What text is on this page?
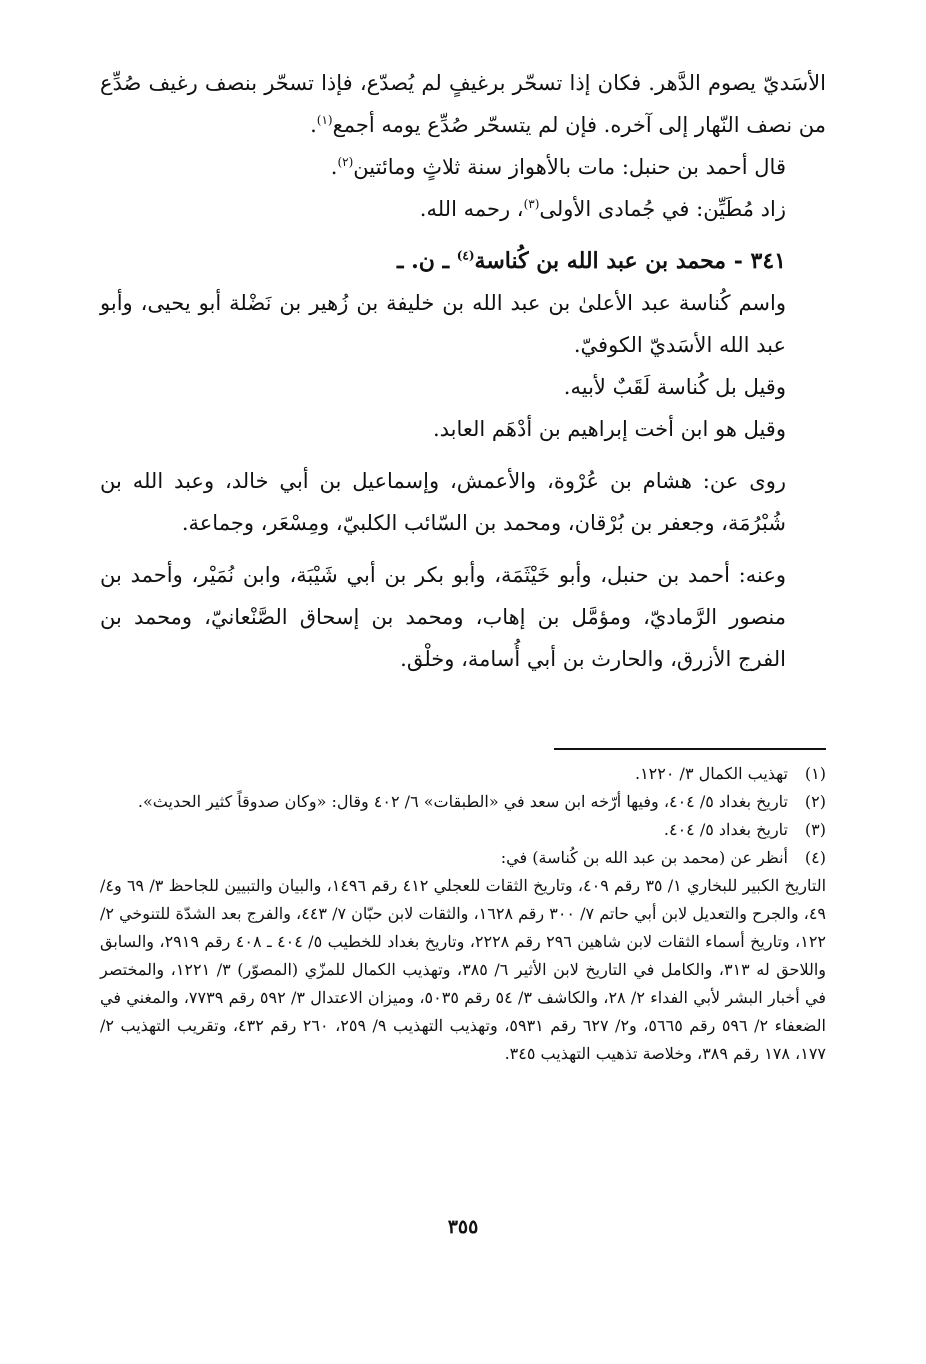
الأسَديّ يصوم الدَّهر. فكان إذا تسحّر برغيفٍ لم يُصدّع، فإذا تسحّر بنصف رغيف صُدِّع من نصف النّهار إلى آخره. فإن لم يتسحّر صُدِّع يومه أجمع$^{(١)}$.

قال أحمد بن حنبل: مات بالأهواز سنة ثلاثٍ ومائتين$^{(٢)}$.

زاد مُطَيِّن: في جُمادى الأولى$^{(٣)}$، رحمه الله.

٣٤١ - محمد بن عبد الله بن كُناسة$^{(٤)}$ ـ ن. ـ

واسم كُناسة عبد الأعلىٰ بن عبد الله بن خليفة بن زُهير بن نَضْلة أبو يحيى، وأبو عبد الله الأسَديّ الكوفيّ.

وقيل بل كُناسة لَقَبٌ لأبيه.

وقيل هو ابن أخت إبراهيم بن أدْهَم العابد.

روى عن: هشام بن عُرْوة، والأعمش، وإسماعيل بن أبي خالد، وعبد الله بن شُبْرُمَة، وجعفر بن بُرْقان، ومحمد بن السّائب الكلبيّ، ومِسْعَر، وجماعة.

وعنه: أحمد بن حنبل، وأبو خَيْثَمَة، وأبو بكر بن أبي شَيْبَة، وابن نُمَيْر، وأحمد بن منصور الرَّماديّ، ومؤمَّل بن إهاب، ومحمد بن إسحاق الصَّنْعانيّ، ومحمد بن الفرج الأزرق، والحارث بن أبي أُسامة، وخلْق.

(١)
تهذيب الكمال ٣/ ١٢٢٠.

(٢)
تاريخ بغداد ٥/ ٤٠٤، وفيها أرّخه ابن سعد في «الطبقات» ٦/ ٤٠٢ وقال: «وكان صدوقاً كثير الحديث».

(٣)
تاريخ بغداد ٥/ ٤٠٤.

(٤)
أنظر عن (محمد بن عبد الله بن كُناسة) في:
التاريخ الكبير للبخاري ١/ ٣٥ رقم ٤٠٩، وتاريخ الثقات للعجلي ٤١٢ رقم ١٤٩٦، والبيان والتبيين للجاحظ ٣/ ٦٩ و٤/ ٤٩، والجرح والتعديل لابن أبي حاتم ٧/ ٣٠٠ رقم ١٦٢٨، والثقات لابن حبّان ٧/ ٤٤٣، والفرج بعد الشدّة للتنوخي ٢/ ١٢٢، وتاريخ أسماء الثقات لابن شاهين ٢٩٦ رقم ٢٢٢٨، وتاريخ بغداد للخطيب ٥/ ٤٠٤ ـ ٤٠٨ رقم ٢٩١٩، والسابق واللاحق له ٣١٣، والكامل في التاريخ لابن الأثير ٦/ ٣٨٥، وتهذيب الكمال للمزّي (المصوّر) ٣/ ١٢٢١، والمختصر في أخبار البشر لأبي الفداء ٢/ ٢٨، والكاشف ٣/ ٥٤ رقم ٥٠٣٥، وميزان الاعتدال ٣/ ٥٩٢ رقم ٧٧٣٩، والمغني في الضعفاء ٢/ ٥٩٦ رقم ٥٦٦٥، و٢/ ٦٢٧ رقم ٥٩٣١، وتهذيب التهذيب ٩/ ٢٥٩، ٢٦٠ رقم ٤٣٢، وتقريب التهذيب ٢/ ١٧٧، ١٧٨ رقم ٣٨٩، وخلاصة تذهيب التهذيب ٣٤٥.

٣٥٥
